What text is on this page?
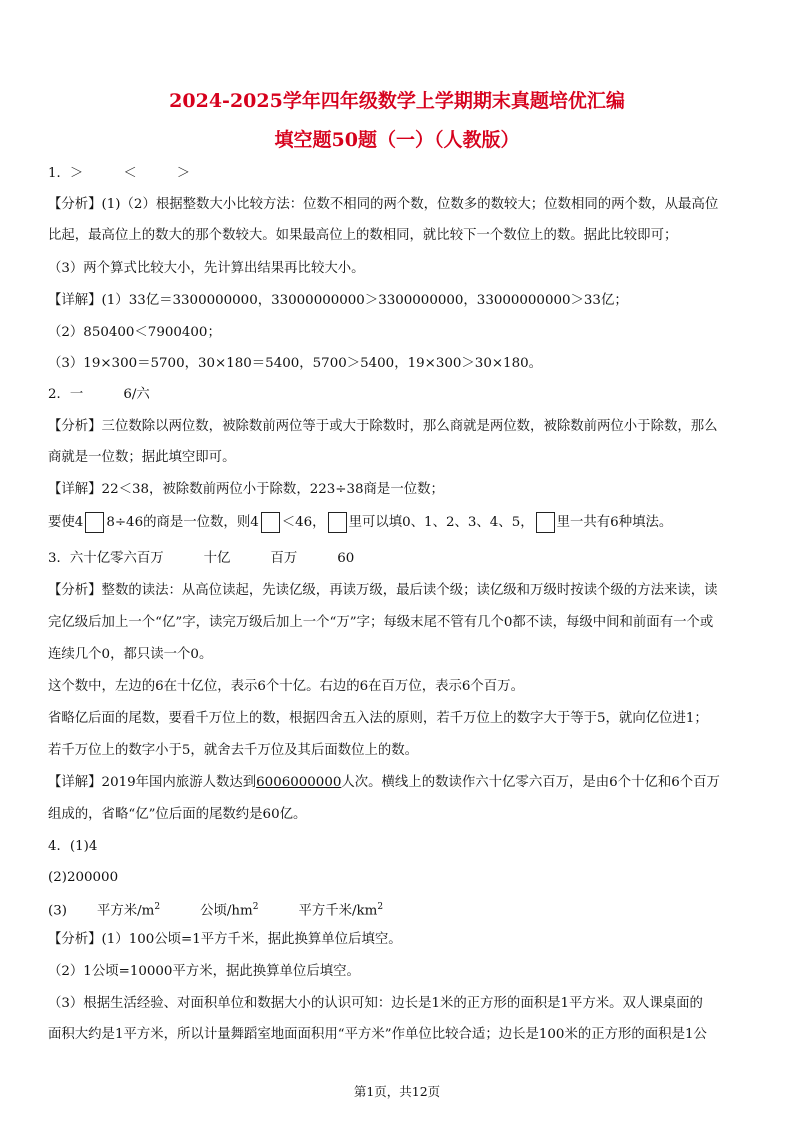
2024-2025学年四年级数学上学期期末真题培优汇编
填空题50题（一）（人教版）
1．＞	＜	＞
【分析】(1)（2）根据整数大小比较方法：位数不相同的两个数，位数多的数较大；位数相同的两个数，从最高位
比起，最高位上的数大的那个数较大。如果最高位上的数相同，就比较下一个数位上的数。据此比较即可；
（3）两个算式比较大小，先计算出结果再比较大小。
【详解】(1）33亿＝3300000000，33000000000＞3300000000，33000000000＞33亿；
（2）850400＜7900400；
（3）19×300＝5700，30×180＝5400，5700＞5400，19×300＞30×180。
2．一	6/六
【分析】三位数除以两位数，被除数前两位等于或大于除数时，那么商就是两位数，被除数前两位小于除数，那么
商就是一位数；据此填空即可。
【详解】22＜38，被除数前两位小于除数，223÷38商是一位数；
要使4 8÷46的商是一位数，则4 ＜46， 里可以填0、1、2、3、4、5， 里一共有6种填法。
3．六十亿零六百万	十亿	百万	60
【分析】整数的读法：从高位读起，先读亿级，再读万级，最后读个级；读亿级和万级时按读个级的方法来读，读
完亿级后加上一个“亿”字，读完万级后加上一个“万”字；每级末尾不管有几个0都不读，每级中间和前面有一个或
连续几个0，都只读一个0。
这个数中，左边的6在十亿位，表示6个十亿。右边的6在百万位，表示6个百万。
省略亿后面的尾数，要看千万位上的数，根据四舍五入法的原则，若千万位上的数字大于等于5，就向亿位进1；
若千万位上的数字小于5，就舍去千万位及其后面数位上的数。
【详解】2019年国内旅游人数达到6006000000人次。横线上的数读作六十亿零六百万，是由6个十亿和6个百万
组成的，省略“亿”位后面的尾数约是60亿。
4．(1)4
(2)200000
(3) 平方米$/m^2$	公顷$/hm^2$	平方千米$/km^2$
【分析】(1）100公顷=1平方千米，据此换算单位后填空。
（2）1公顷=10000平方米，据此换算单位后填空。
（3）根据生活经验、对面积单位和数据大小的认识可知：边长是1米的正方形的面积是1平方米。双人课桌面的
面积大约是1平方米，所以计量舞蹈室地面面积用“平方米”作单位比较合适；边长是100米的正方形的面积是1公
第1页，共12页
